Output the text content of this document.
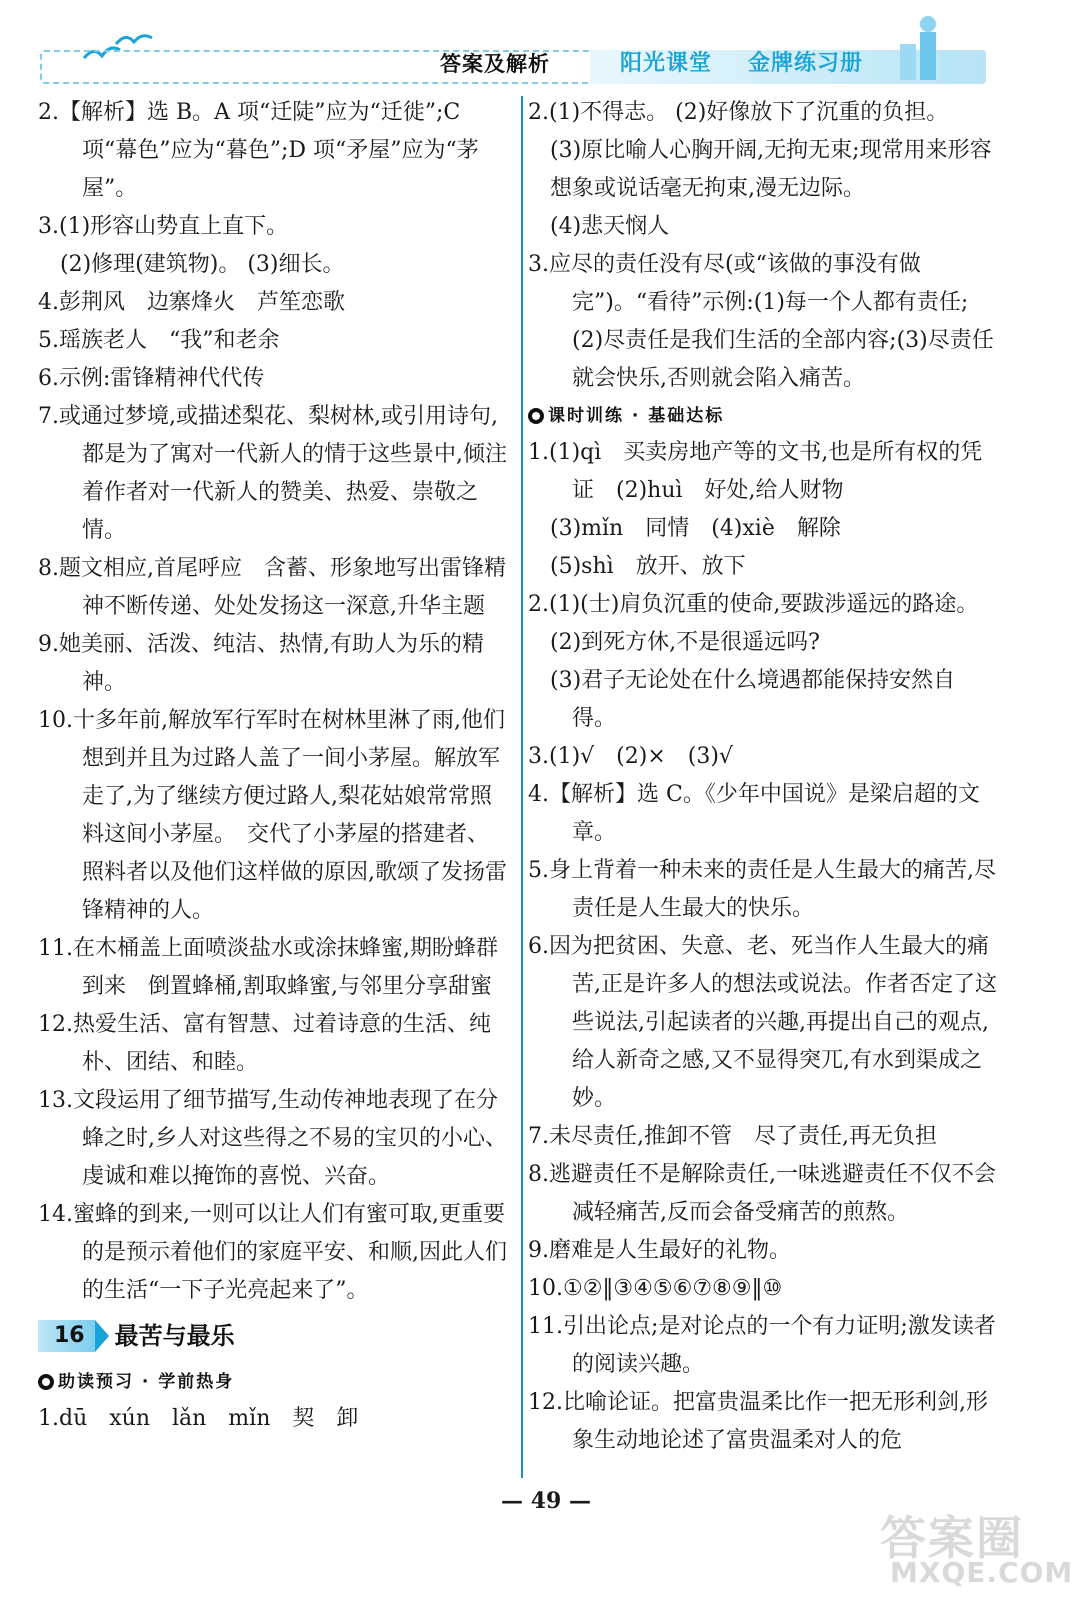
答案及解析	阳光课堂 金牌练习册
2.【解析】选 B。A 项“迁陡”应为“迁徙”;C 项“幕色”应为“暮色”;D 项“矛屋”应为“茅屋”。
3.(1)形容山势直上直下。
(2)修理(建筑物)。 (3)细长。
4.彭荆风　边寨烽火　芦笙恋歌
5.瑶族老人　“我”和老余
6.示例:雷锋精神代代传
7.或通过梦境,或描述梨花、梨树林,或引用诗句,都是为了寓对一代新人的情于这些景中,倾注着作者对一代新人的赞美、热爱、崇敬之情。
8.题文相应,首尾呼应　含蓄、形象地写出雷锋精神不断传递、处处发扬这一深意,升华主题
9.她美丽、活泼、纯洁、热情,有助人为乐的精神。
10.十多年前,解放军行军时在树林里淋了雨,他们想到并且为过路人盖了一间小茅屋。解放军走了,为了继续方便过路人,梨花姑娘常常照料这间小茅屋。　交代了小茅屋的搭建者、照料者以及他们这样做的原因,歌颂了发扬雷锋精神的人。
11.在木桶盖上面喷淡盐水或涂抹蜂蜜,期盼蜂群到来　倒置蜂桶,割取蜂蜜,与邻里分享甜蜜
12.热爱生活、富有智慧、过着诗意的生活、纯朴、团结、和睦。
13.文段运用了细节描写,生动传神地表现了在分蜂之时,乡人对这些得之不易的宝贝的小心、虔诚和难以掩饰的喜悦、兴奋。
14.蜜蜂的到来,一则可以让人们有蜜可取,更重要的是预示着他们的家庭平安、和顺,因此人们的生活“一下子光亮起来了”。
16	最苦与最乐
助读预习 · 学前热身
1.dū　xún　lǎn　mǐn　契　卸
2.(1)不得志。 (2)好像放下了沉重的负担。
(3)原比喻人心胸开阔,无拘无束;现常用来形容想象或说话毫无拘束,漫无边际。
(4)悲天悯人
3.应尽的责任没有尽(或“该做的事没有做完”)。“看待”示例:(1)每一个人都有责任;(2)尽责任是我们生活的全部内容;(3)尽责任就会快乐,否则就会陷入痛苦。
课时训练 · 基础达标
1.(1)qì　买卖房地产等的文书,也是所有权的凭证　(2)huì　好处,给人财物
(3)mǐn　同情　(4)xiè　解除
(5)shì　放开、放下
2.(1)(士)肩负沉重的使命,要跋涉遥远的路途。
(2)到死方休,不是很遥远吗?
(3)君子无论处在什么境遇都能保持安然自得。
3.(1)√　(2)×　(3)√
4.【解析】选 C。《少年中国说》是梁启超的文章。
5.身上背着一种未来的责任是人生最大的痛苦,尽责任是人生最大的快乐。
6.因为把贫困、失意、老、死当作人生最大的痛苦,正是许多人的想法或说法。作者否定了这些说法,引起读者的兴趣,再提出自己的观点,给人新奇之感,又不显得突兀,有水到渠成之妙。
7.未尽责任,推卸不管　尽了责任,再无负担
8.逃避责任不是解除责任,一味逃避责任不仅不会减轻痛苦,反而会备受痛苦的煎熬。
9.磨难是人生最好的礼物。
10.①②‖③④⑤⑥⑦⑧⑨‖⑩
11.引出论点;是对论点的一个有力证明;激发读者的阅读兴趣。
12.比喻论证。把富贵温柔比作一把无形利剑,形象生动地论述了富贵温柔对人的危
— 49 —
答案圈
MXQE.COM
